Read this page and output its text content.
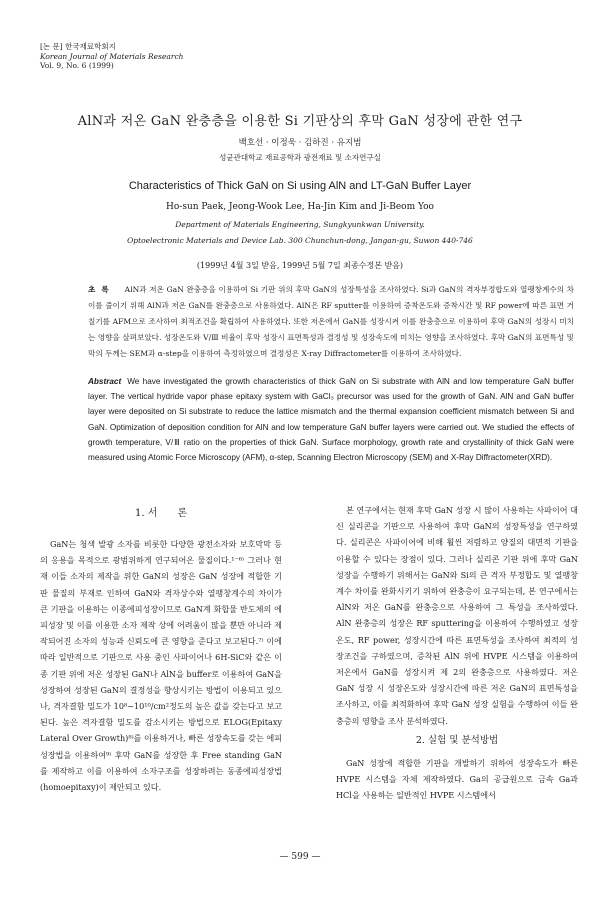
[논 문] 한국재료학회지
Korean Journal of Materials Research
Vol. 9, No. 6 (1999)
AlN과 저온 GaN 완충층을 이용한 Si 기판상의 후막 GaN 성장에 관한 연구
백호선 · 이정욱 · 김하진 · 유지범
성균관대학교 재료공학과 광전재료 및 소자연구실
Characteristics of Thick GaN on Si using AlN and LT-GaN Buffer Layer
Ho-sun Paek, Jeong-Wook Lee, Ha-Jin Kim and Ji-Beom Yoo
Department of Materials Engineering, Sungkyunkwan University.
Optoelectronic Materials and Device Lab. 300 Chunchun-dong, Jangan-gu, Suwon 440-746
(1999년 4월 3일 받음, 1999년 5월 7일 최종수정본 받음)
초록 AlN과 저온 GaN 완충층을 이용하여 Si 기판 위의 후막 GaN의 성장특성을 조사하였다. Si과 GaN의 격자부정합도와 열팽창계수의 차이를 줄이기 위해 AlN과 저온 GaN를 완충층으로 사용하였다. AlN은 RF sputter를 이용하여 증착온도와 증착시간 및 RF power에 따른 표면 거칠기를 AFM으로 조사하여 최적조건을 확립하여 사용하였다. 또한 저온에서 GaN를 성장시켜 이를 완충층으로 이용하여 후막 GaN의 성장시 미치는 영향을 살펴보았다. 성장온도와 V/Ⅲ 비율이 후막 성장시 표면특성과 결정성 및 성장속도에 미치는 영향을 조사하였다. 후막 GaN의 표면특성 및 막의 두께는 SEM과 α-step을 이용하여 측정하였으며 결정성은 X-ray Diffractometer를 이용하여 조사하였다.
Abstract We have investigated the growth characteristics of thick GaN on Si substrate with AlN and low temperature GaN buffer layer. The vertical hydride vapor phase epitaxy system with GaCl₃ precursor was used for the growth of GaN. AlN and GaN buffer layer were deposited on Si substrate to reduce the lattice mismatch and the thermal expansion coefficient mismatch between Si and GaN. Optimization of deposition condition for AlN and low temperature GaN buffer layers were carried out. We studied the effects of growth temperature, V/Ⅲ ratio on the properties of thick GaN. Surface morphology, growth rate and crystallinity of thick GaN were measured using Atomic Force Microscopy (AFM), α-step, Scanning Electron Microscopy (SEM) and X-Ray Diffractometer(XRD).
1. 서　　론

GaN는 청색 발광 소자를 비롯한 다양한 광전소자와 보호막막 등의 응용을 목적으로 광범위하게 연구되어온 물질이다.¹⁻⁶⁾ 그러나 현재 이들 소자의 제작을 위한 GaN의 성장은 GaN 성장에 적합한 기판 물질의 부재로 인하여 GaN와 격자상수와 열팽창계수의 차이가 큰 기판을 이용하는 이종에피성장이므로 GaN계 화합물 반도체의 에피성장 및 이를 이용한 소자 제작 상에 어려움이 많을 뿐만 아니라 제작되어진 소자의 성능과 신뢰도에 큰 영향을 준다고 보고된다.⁷⁾ 이에 따라 일반적으로 기판으로 사용 중인 사파이어나 6H-SiC와 같은 이종 기판 위에 저온 성장된 GaN나 AlN을 buffer로 이용하여 GaN을 성장하여 성장된 GaN의 결정성을 향상시키는 방법이 이용되고 있으나, 격자결함 밀도가 10⁸~10¹⁰/cm²정도의 높은 값을 갖는다고 보고된다. 높은 격자결함 밀도를 감소시키는 방법으로 ELOG(Epitaxy Lateral Over Growth)⁸⁾를 이용하거나, 빠른 성장속도를 갖는 에피 성장법을 이용하여⁹⁾ 후막 GaN를 성장한 후 Free standing GaN를 제작하고 이를 이용하여 소자구조를 성장하려는 동종에피성장법(homoepitaxy)이 제안되고 있다.

본 연구에서는 현재 후막 GaN 성장 시 많이 사용하는 사파이어 대신 실리콘을 기판으로 사용하여 후막 GaN의 성장특성을 연구하였다. 실리콘은 사파이어에 비해 훨씬 저렴하고 양질의 대면적 기판을 이용할 수 있다는 장점이 있다. 그러나 실리콘 기판 위에 후막 GaN 성장을 수행하기 위해서는 GaN와 Si의 큰 격자 부정합도 및 열팽창계수 차이를 완화시키기 위하여 완충층이 요구되는데, 본 연구에서는 AlN와 저온 GaN를 완충층으로 사용하여 그 특성을 조사하였다. AlN 완충층의 성장은 RF sputtering을 이용하여 수행하였고 성장온도, RF power, 성장시간에 따른 표면특성을 조사하여 최적의 성장조건을 구하였으며, 증착된 AlN 위에 HVPE 시스템을 이용하여 저온에서 GaN를 성장시켜 제 2의 완충층으로 사용하였다. 저온 GaN 성장 시 성장온도와 성장시간에 따른 저온 GaN의 표면특성을 조사하고, 이를 최적화하여 후막 GaN 성장 실험을 수행하여 이들 완충층의 영향을 조사 분석하였다.

2. 실험 및 분석방법

GaN 성장에 적합한 기판을 개발하기 위하여 성장속도가 빠른 HVPE 시스템을 자체 제작하였다. Ga의 공급원으로 금속 Ga과 HCl을 사용하는 일반적인 HVPE 시스템에서

— 599 —
